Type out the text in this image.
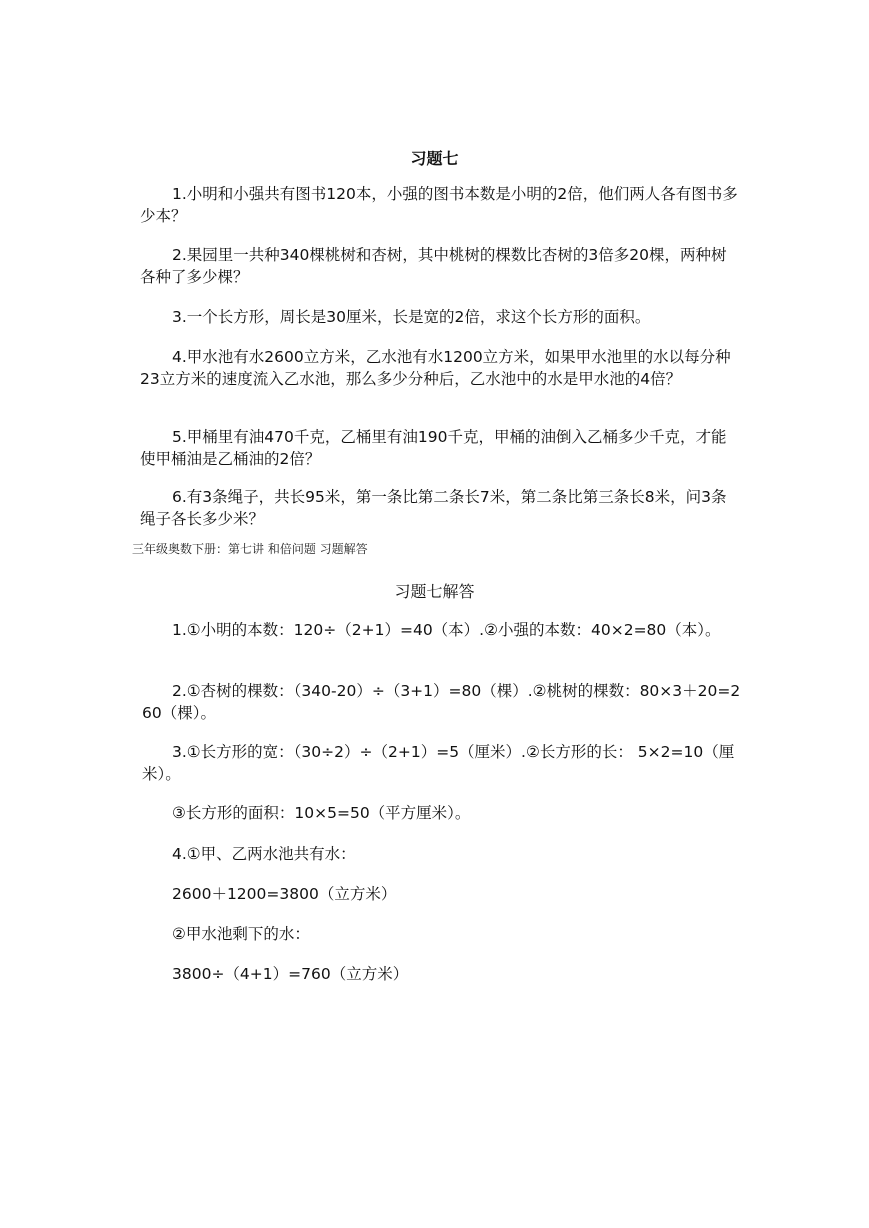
习题七

1.小明和小强共有图书120本，小强的图书本数是小明的2倍，他们两人各有图书多少本？

2.果园里一共种340棵桃树和杏树，其中桃树的棵数比杏树的3倍多20棵，两种树各种了多少棵？

3.一个长方形，周长是30厘米，长是宽的2倍，求这个长方形的面积。

4.甲水池有水2600立方米，乙水池有水1200立方米，如果甲水池里的水以每分种23立方米的速度流入乙水池，那么多少分种后，乙水池中的水是甲水池的4倍？

5.甲桶里有油470千克，乙桶里有油190千克，甲桶的油倒入乙桶多少千克，才能使甲桶油是乙桶油的2倍？

6.有3条绳子，共长95米，第一条比第二条长7米，第二条比第三条长8米，问3条绳子各长多少米？

三年级奥数下册：第七讲 和倍问题 习题解答
习题七解答

1.①小明的本数：120÷（2+1）=40（本）.②小强的本数：40×2=80（本）。

2.①杏树的棵数：（340-20）÷（3+1）=80（棵）.②桃树的棵数：80×3＋20=260（棵）。

3.①长方形的宽：（30÷2）÷（2+1）=5（厘米）.②长方形的长： 5×2=10（厘米）。

③长方形的面积：10×5=50（平方厘米）。

4.①甲、乙两水池共有水：

2600＋1200=3800（立方米）

②甲水池剩下的水：

3800÷（4+1）=760（立方米）
